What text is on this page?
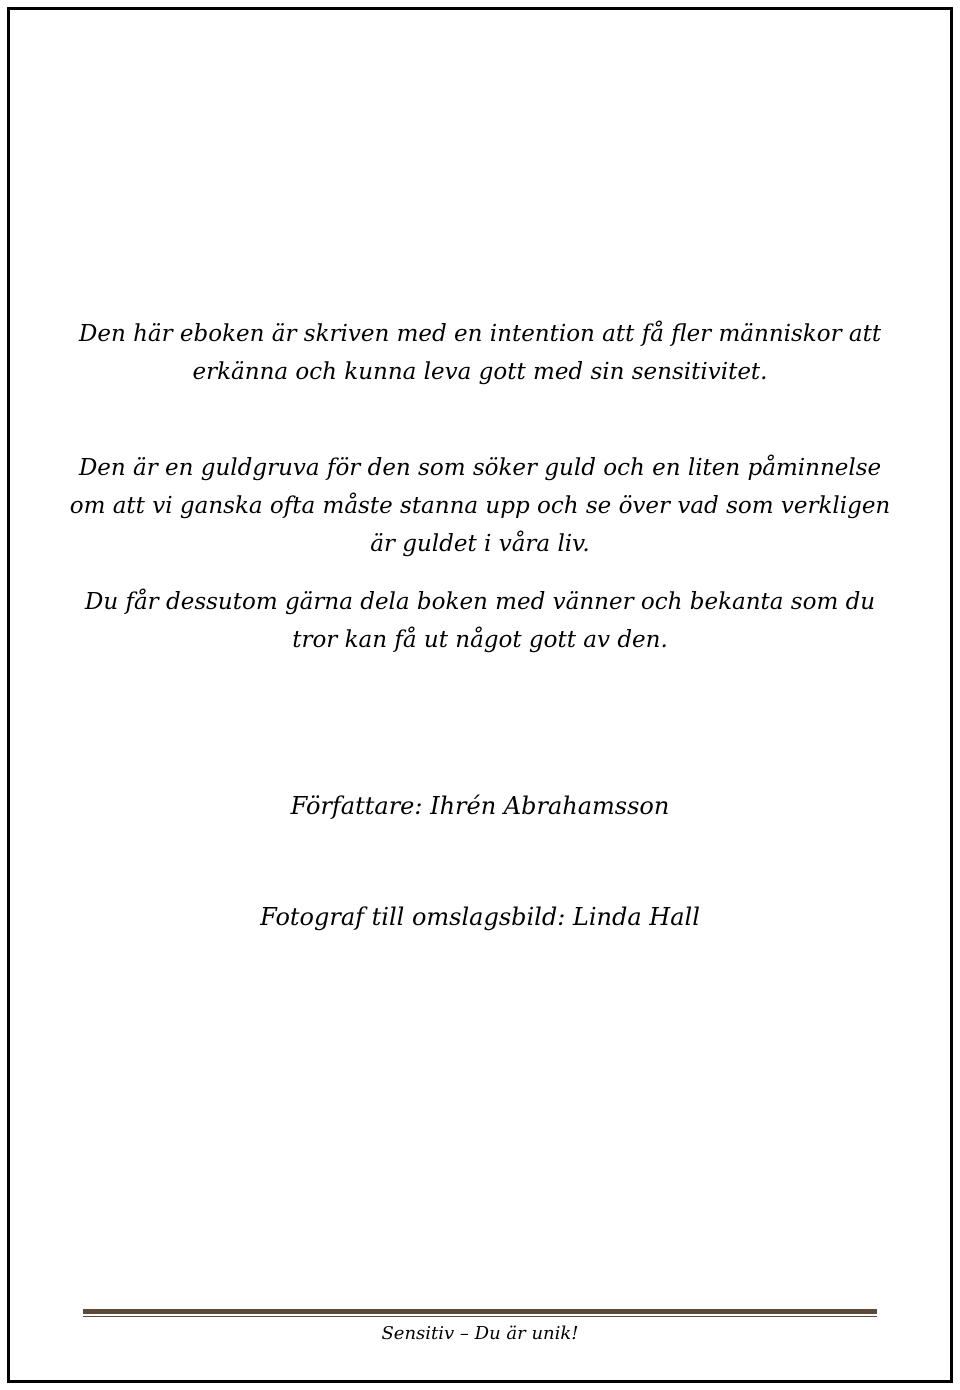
Den här eboken är skriven med en intention att få fler människor att erkänna och kunna leva gott med sin sensitivitet.

Den är en guldgruva för den som söker guld och en liten påminnelse om att vi ganska ofta måste stanna upp och se över vad som verkligen är guldet i våra liv.

Du får dessutom gärna dela boken med vänner och bekanta som du tror kan få ut något gott av den.

Författare: Ihrén Abrahamsson

Fotograf till omslagsbild: Linda Hall

Sensitiv – Du är unik!
